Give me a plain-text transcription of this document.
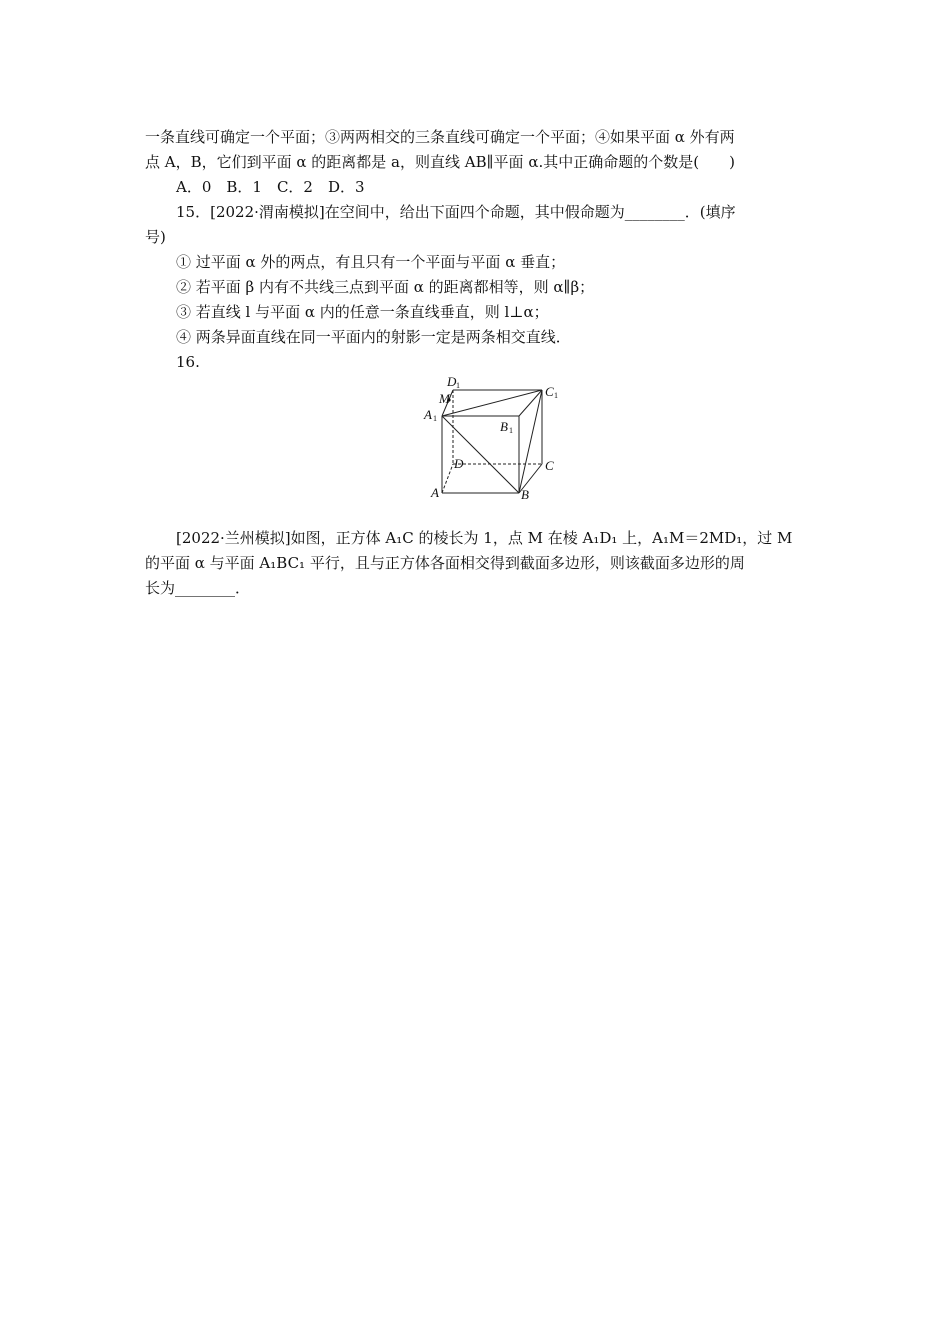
一条直线可确定一个平面；③两两相交的三条直线可确定一个平面；④如果平面 α 外有两
点 A，B，它们到平面 α 的距离都是 a，则直线 AB∥平面 α.其中正确命题的个数是(　　)
A．0　B．1　C．2　D．3
15．[2022·渭南模拟]在空间中，给出下面四个命题，其中假命题为________．(填序
号)
① 过平面 α 外的两点，有且只有一个平面与平面 α 垂直；
② 若平面 β 内有不共线三点到平面 α 的距离都相等，则 α∥β；
③ 若直线 l 与平面 α 内的任意一条直线垂直，则 l⊥α；
④ 两条异面直线在同一平面内的射影一定是两条相交直线．
16.
D 1
M
A 1
C 1
B 1
D	C
A	B
[2022·兰州模拟]如图，正方体 A₁C 的棱长为 1，点 M 在棱 A₁D₁ 上，A₁M＝2MD₁，过 M
的平面 α 与平面 A₁BC₁ 平行，且与正方体各面相交得到截面多边形，则该截面多边形的周
长为________．
